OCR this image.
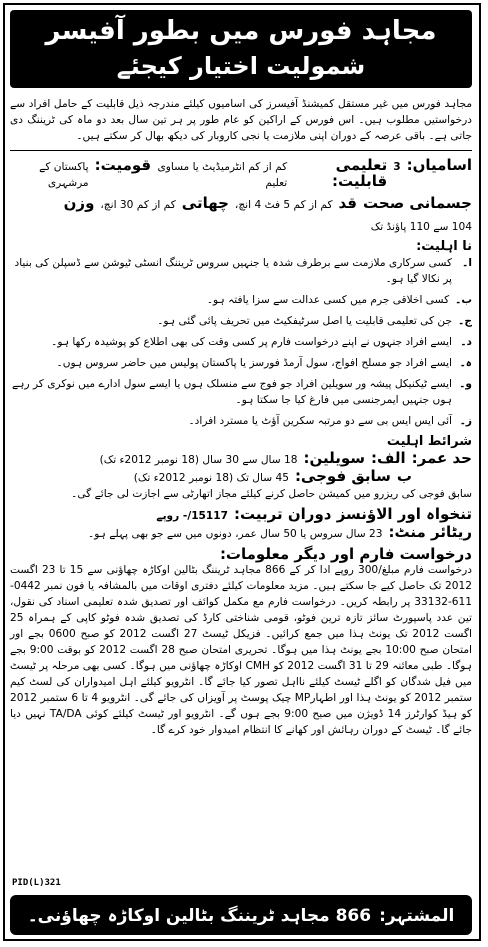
مجاہد فورس میں بطور آفیسر
شمولیت اختیار کیجئے

مجاہد فورس میں غیر مستقل کمیشنڈ آفیسرز کی اسامیوں کیلئے مندرجہ ذیل قابلیت کے حامل افراد سے درخواستیں مطلوب ہیں۔ اس فورس کے اراکین کو عام طور پر ہر تین سال بعد دو ماہ کی ٹریننگ دی جاتی ہے۔ باقی عرصہ کے دوران اپنی ملازمت یا نجی کاروبار کی دیکھ بھال کر سکتے ہیں۔

اسامیاں:
3
تعلیمی قابلیت:
کم از کم انٹرمیڈیٹ یا مساوی تعلیم
قومیت:
پاکستان کے مرشہری
جسمانی صحت
قد
کم از کم 5 فٹ 4 انچ،
چھاتی
کم از کم 30 انچ،
وزن
104 سے 110 پاؤنڈ تک
نا اہلیت:
ا۔
کسی سرکاری ملازمت سے برطرف شدہ یا جنہیں سروس ٹریننگ انسٹی ٹیوشن سے ڈسپلن کی بنیاد پر نکالا گیا ہو۔
ب۔
کسی اخلاقی جرم میں کسی عدالت سے سزا یافتہ ہو۔
ج۔
جن کی تعلیمی قابلیت یا اصل سرٹیفکیٹ میں تحریف پائی گئی ہو۔
د۔
ایسے افراد جنہوں نے اپنے درخواست فارم پر کسی وقت کی بھی اطلاع کو پوشیدہ رکھا ہو۔
ہ۔
ایسے افراد جو مسلح افواج، سول آرمڈ فورسز یا پاکستان پولیس میں حاضر سروس ہوں۔
و۔
ایسے ٹیکنیکل پیشہ ور سویلین افراد جو فوج سے منسلک ہوں یا ایسے سول ادارے میں نوکری کر رہے ہوں جنہیں ایمرجنسی میں فارغ کیا جا سکتا ہو۔
ز۔
آئی ایس ایس بی سے دو مرتبہ سکرین آؤٹ یا مسترد افراد۔
شرائط اہلیت
حد عمر:
الف:
سویلین:
18 سال سے 30 سال (18 نومبر 2012ء تک)
ب
سابق فوجی:
45 سال تک (18 نومبر 2012ء تک)

سابق فوجی کی ریزرو میں کمیشن حاصل کرنے کیلئے مجاز اتھارٹی سے اجازت لی جائے گی۔

تنخواہ اور الاؤنسز دوران تربیت:
15117/- روپے
ریٹائر منٹ:
23 سال سروس یا 50 سال عمر، دونوں میں سے جو بھی پہلے ہو۔
درخواست فارم اور دیگر معلومات:

درخواست فارم مبلغ/300 روپے ادا کر کے 866 مجاہد ٹریننگ بٹالین اوکاڑہ چھاؤنی سے 15 تا 23 اگست 2012 تک حاصل کیے جا سکتے ہیں۔ مزید معلومات کیلئے دفتری اوقات میں بالمشافہ یا فون نمبر 0442-611-33132 پر رابطہ کریں۔ درخواست فارم مع مکمل کوائف اور تصدیق شدہ تعلیمی اسناد کی نقول، تین عدد پاسپورٹ سائز تازہ ترین فوٹو، قومی شناختی کارڈ کی تصدیق شدہ فوٹو کاپی کے ہمراہ 25 اگست 2012 تک یونٹ ہذا میں جمع کرائیں۔ فزیکل ٹیسٹ 27 اگست 2012 کو صبح 0600 بجے اور امتحان صبح 10:00 بجے یونٹ ہذا میں ہوگا۔ تحریری امتحان صبح 28 اگست 2012 کو بوقت 9:00 بجے ہوگا۔ طبی معائنہ 29 تا 31 اگست 2012 کو CMH اوکاڑہ چھاؤنی میں ہوگا۔ کسی بھی مرحلہ پر ٹیسٹ میں فیل شدگان کو اگلے ٹیسٹ کیلئے نااہل تصور کیا جائے گا۔ انٹرویو کیلئے اہل امیدواران کی لسٹ کیم ستمبر 2012 کو یونٹ ہذا اور اطہارMP چیک پوسٹ پر آویزاں کی جائے گی۔ انٹرویو 4 تا 6 ستمبر 2012 کو ہیڈ کوارٹرز 14 ڈویژن میں صبح 9:00 بجے ہوں گے۔ انٹرویو اور ٹیسٹ کیلئے کوئی TA/DA نہیں دیا جائے گا۔ ٹیسٹ کے دوران رہائش اور کھانے کا انتظام امیدوار خود کرے گا۔

PID(L)321
المشتہر:
866 مجاہد ٹریننگ بٹالین اوکاڑہ چھاؤنی۔
